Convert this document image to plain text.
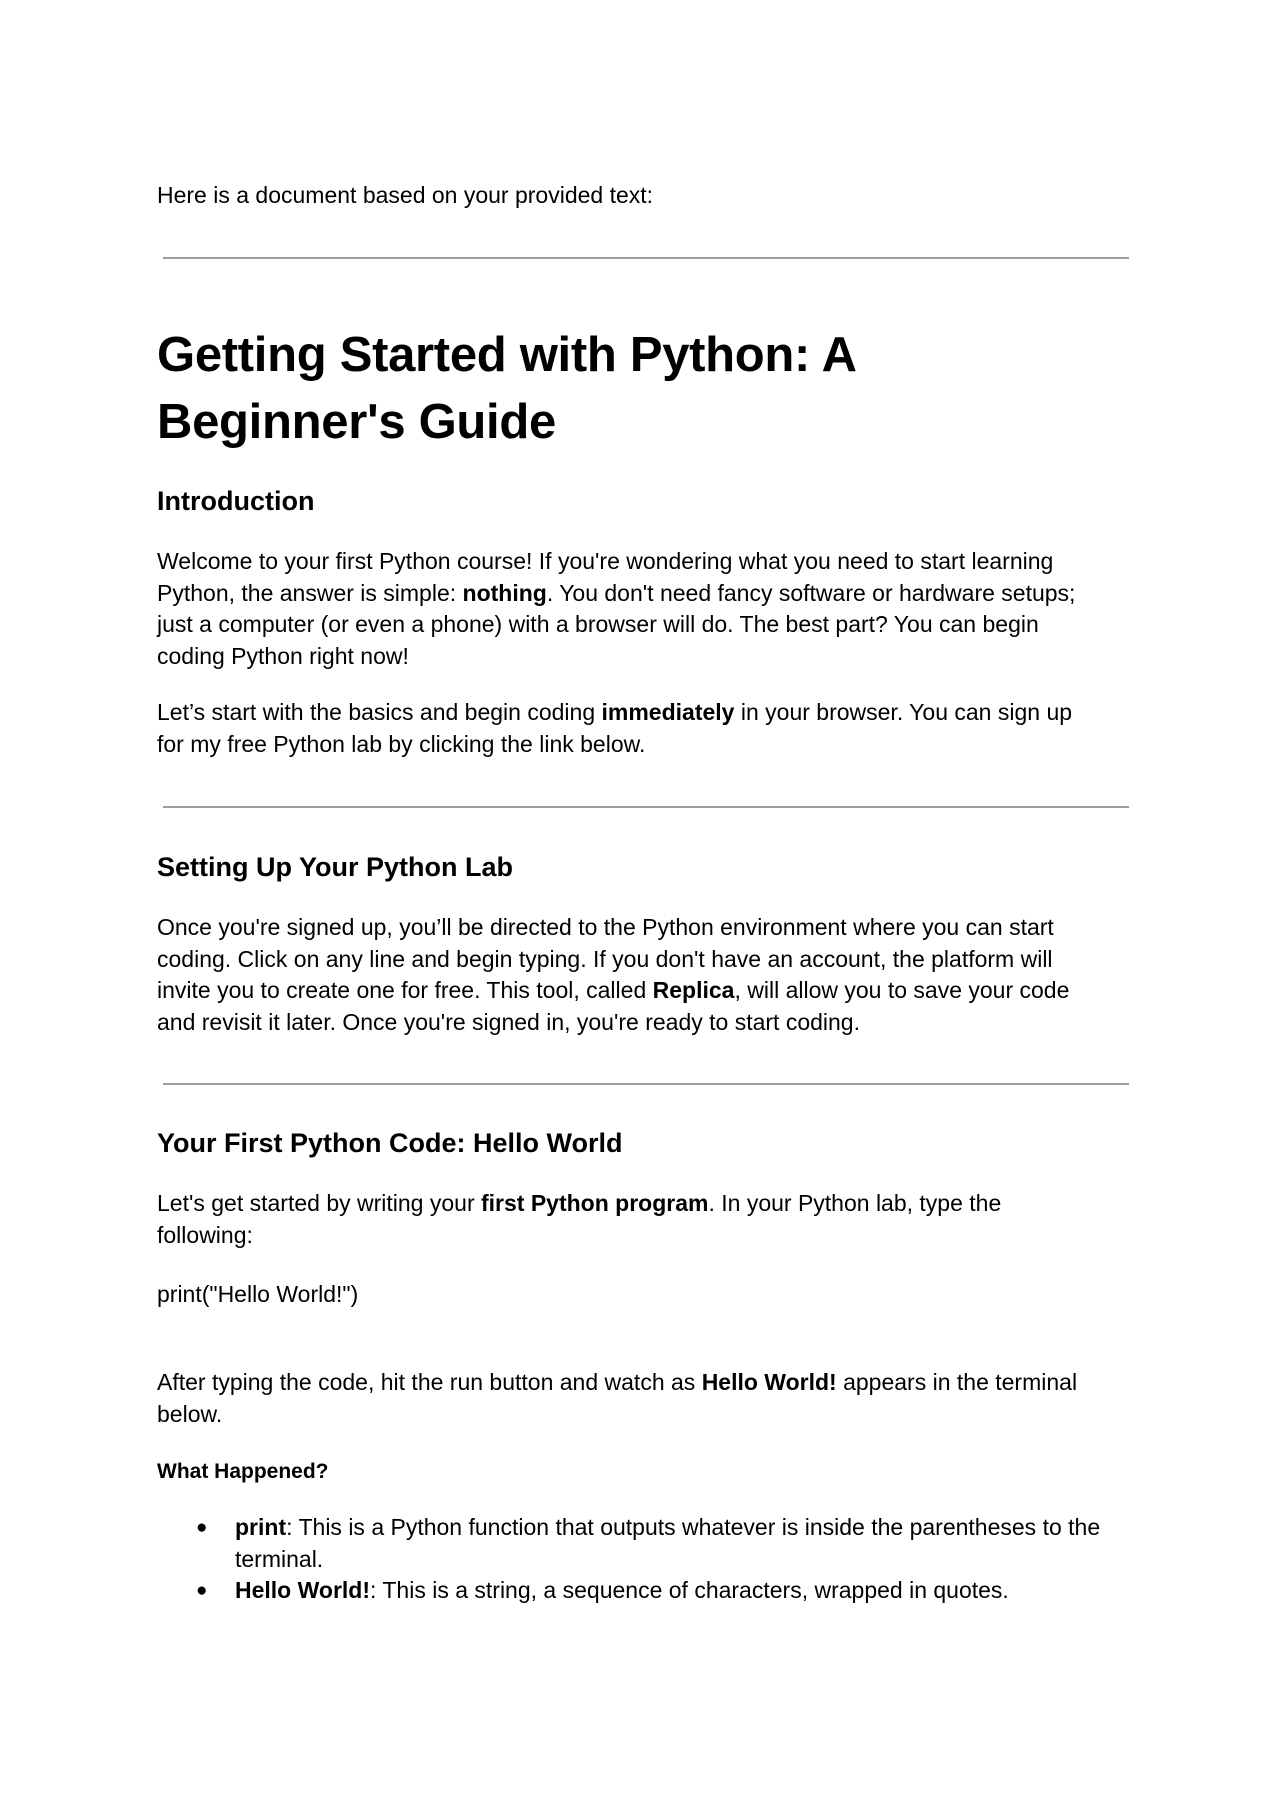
Here is a document based on your provided text:
Getting Started with Python: A
Beginner's Guide
Introduction
Welcome to your first Python course! If you're wondering what you need to start learning
Python, the answer is simple: nothing. You don't need fancy software or hardware setups;
just a computer (or even a phone) with a browser will do. The best part? You can begin
coding Python right now!
Let’s start with the basics and begin coding immediately in your browser. You can sign up
for my free Python lab by clicking the link below.
Setting Up Your Python Lab
Once you're signed up, you’ll be directed to the Python environment where you can start
coding. Click on any line and begin typing. If you don't have an account, the platform will
invite you to create one for free. This tool, called Replica, will allow you to save your code
and revisit it later. Once you're signed in, you're ready to start coding.
Your First Python Code: Hello World
Let's get started by writing your first Python program. In your Python lab, type the
following:
print("Hello World!")
After typing the code, hit the run button and watch as Hello World! appears in the terminal
below.
What Happened?
● print: This is a Python function that outputs whatever is inside the parentheses to the
terminal.
● Hello World!: This is a string, a sequence of characters, wrapped in quotes.
